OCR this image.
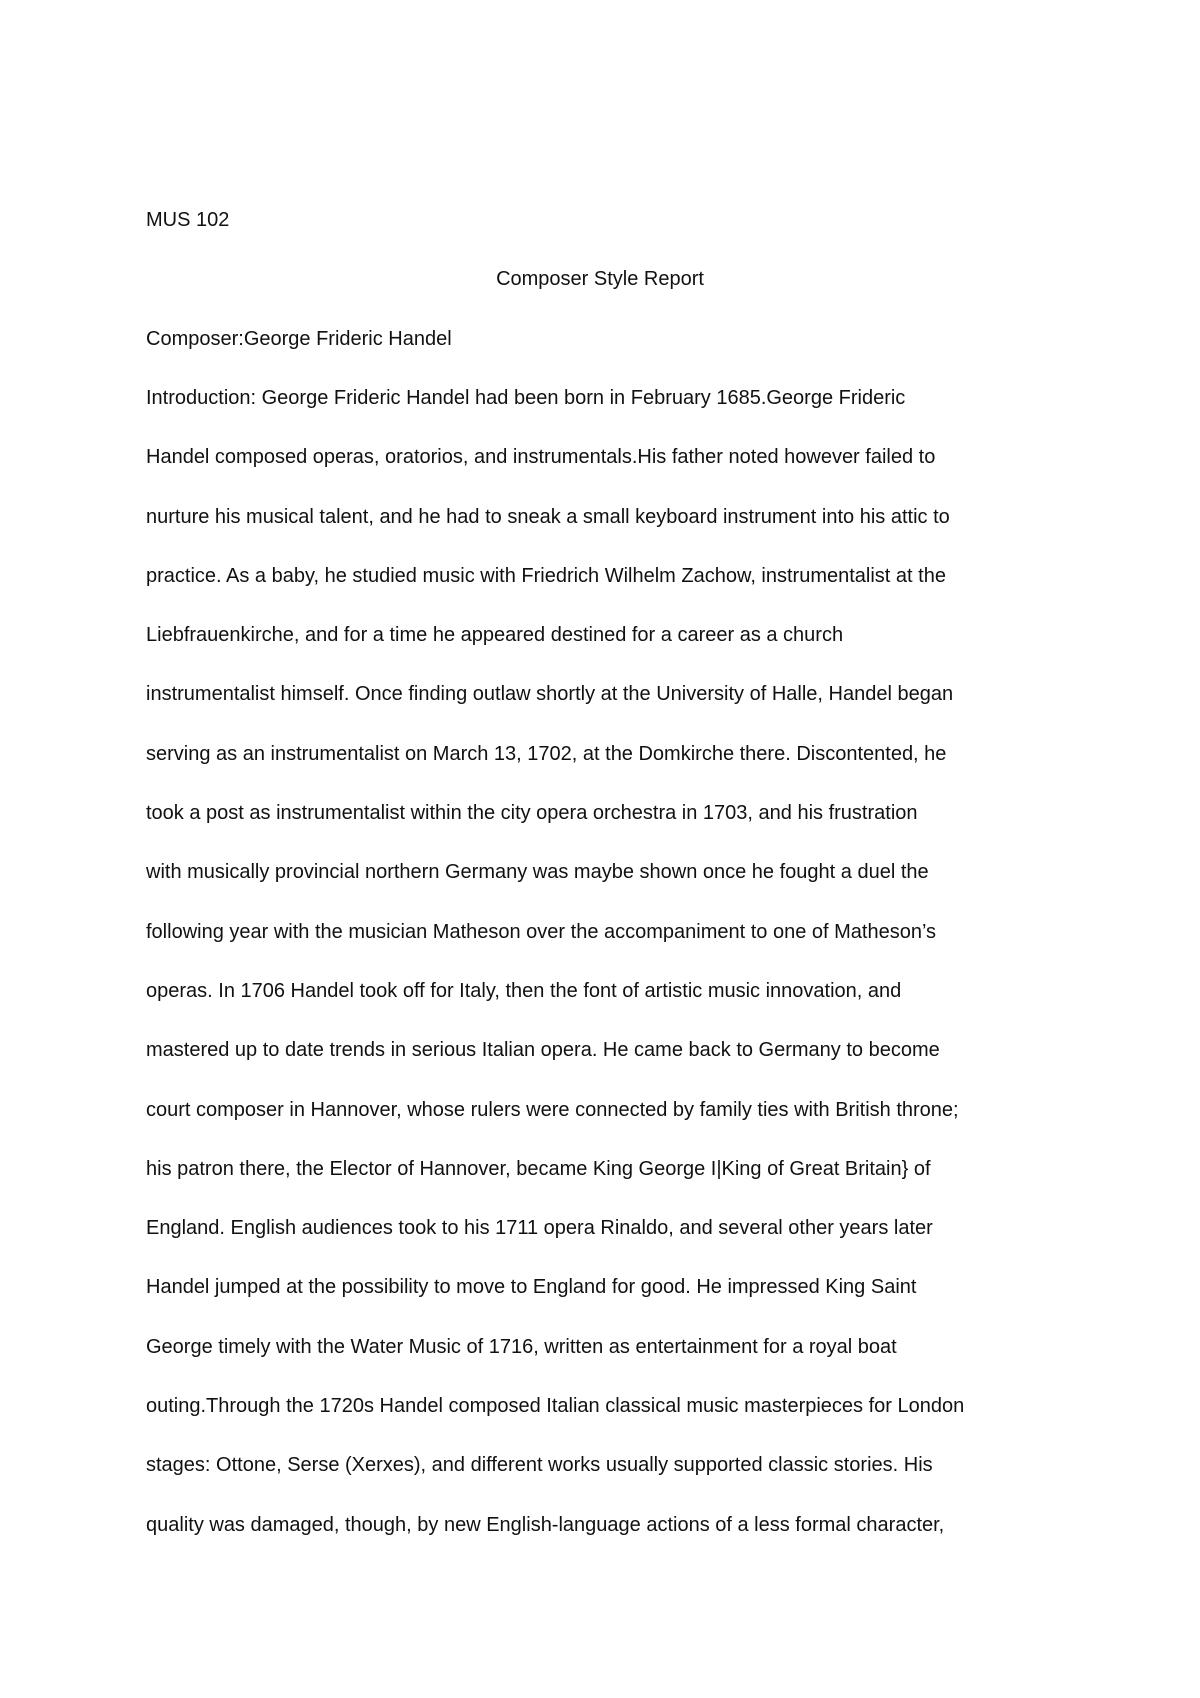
MUS 102
Composer Style Report
Composer:George Frideric Handel
Introduction: George Frideric Handel had been born in February 1685.George Frideric
Handel composed operas, oratorios, and instrumentals.His father noted however failed to
nurture his musical talent, and he had to sneak a small keyboard instrument into his attic to
practice. As a baby, he studied music with Friedrich Wilhelm Zachow, instrumentalist at the
Liebfrauenkirche, and for a time he appeared destined for a career as a church
instrumentalist himself. Once finding outlaw shortly at the University of Halle, Handel began
serving as an instrumentalist on March 13, 1702, at the Domkirche there. Discontented, he
took a post as instrumentalist within the city opera orchestra in 1703, and his frustration
with musically provincial northern Germany was maybe shown once he fought a duel the
following year with the musician Matheson over the accompaniment to one of Matheson’s
operas. In 1706 Handel took off for Italy, then the font of artistic music innovation, and
mastered up to date trends in serious Italian opera. He came back to Germany to become
court composer in Hannover, whose rulers were connected by family ties with British throne;
his patron there, the Elector of Hannover, became King George I|King of Great Britain} of
England. English audiences took to his 1711 opera Rinaldo, and several other years later
Handel jumped at the possibility to move to England for good. He impressed King Saint
George timely with the Water Music of 1716, written as entertainment for a royal boat
outing.Through the 1720s Handel composed Italian classical music masterpieces for London
stages: Ottone, Serse (Xerxes), and different works usually supported classic stories. His
quality was damaged, though, by new English-language actions of a less formal character,
